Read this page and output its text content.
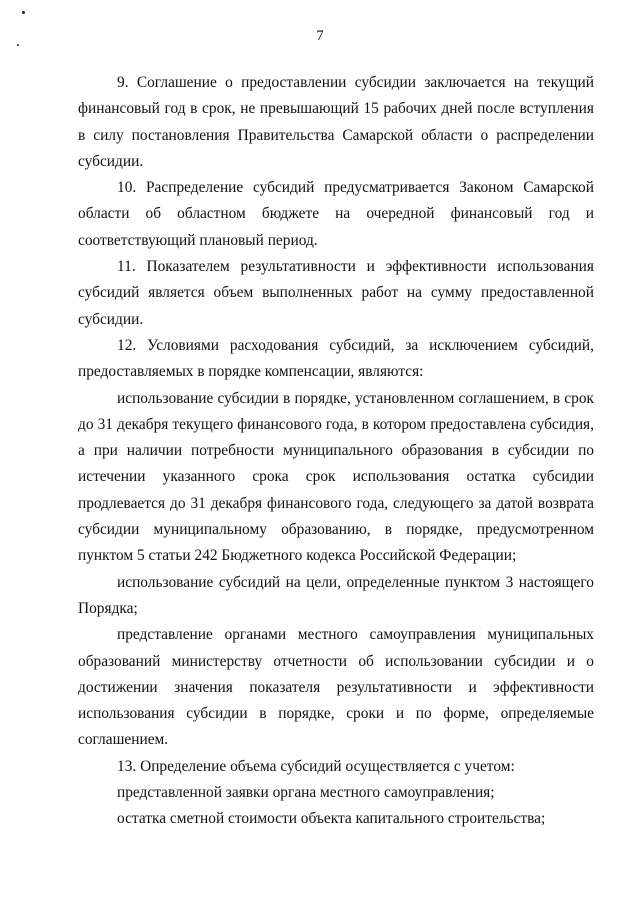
7

9. Соглашение о предоставлении субсидии заключается на текущий финансовый год в срок, не превышающий 15 рабочих дней после вступления в силу постановления Правительства Самарской области о распределении субсидии.

10. Распределение субсидий предусматривается Законом Самарской области об областном бюджете на очередной финансовый год и соответствующий плановый период.

11. Показателем результативности и эффективности использования субсидий является объем выполненных работ на сумму предоставленной субсидии.

12. Условиями расходования субсидий, за исключением субсидий, предоставляемых в порядке компенсации, являются:

использование субсидии в порядке, установленном соглашением, в срок до 31 декабря текущего финансового года, в котором предоставлена субсидия, а при наличии потребности муниципального образования в субсидии по истечении указанного срока срок использования остатка субсидии продлевается до 31 декабря финансового года, следующего за датой возврата субсидии муниципальному образованию, в порядке, предусмотренном пунктом 5 статьи 242 Бюджетного кодекса Российской Федерации;

использование субсидий на цели, определенные пунктом 3 настоящего Порядка;

представление органами местного самоуправления муниципальных образований министерству отчетности об использовании субсидии и о достижении значения показателя результативности и эффективности использования субсидии в порядке, сроки и по форме, определяемые соглашением.

13. Определение объема субсидий осуществляется с учетом:

представленной заявки органа местного самоуправления;

остатка сметной стоимости объекта капитального строительства;
